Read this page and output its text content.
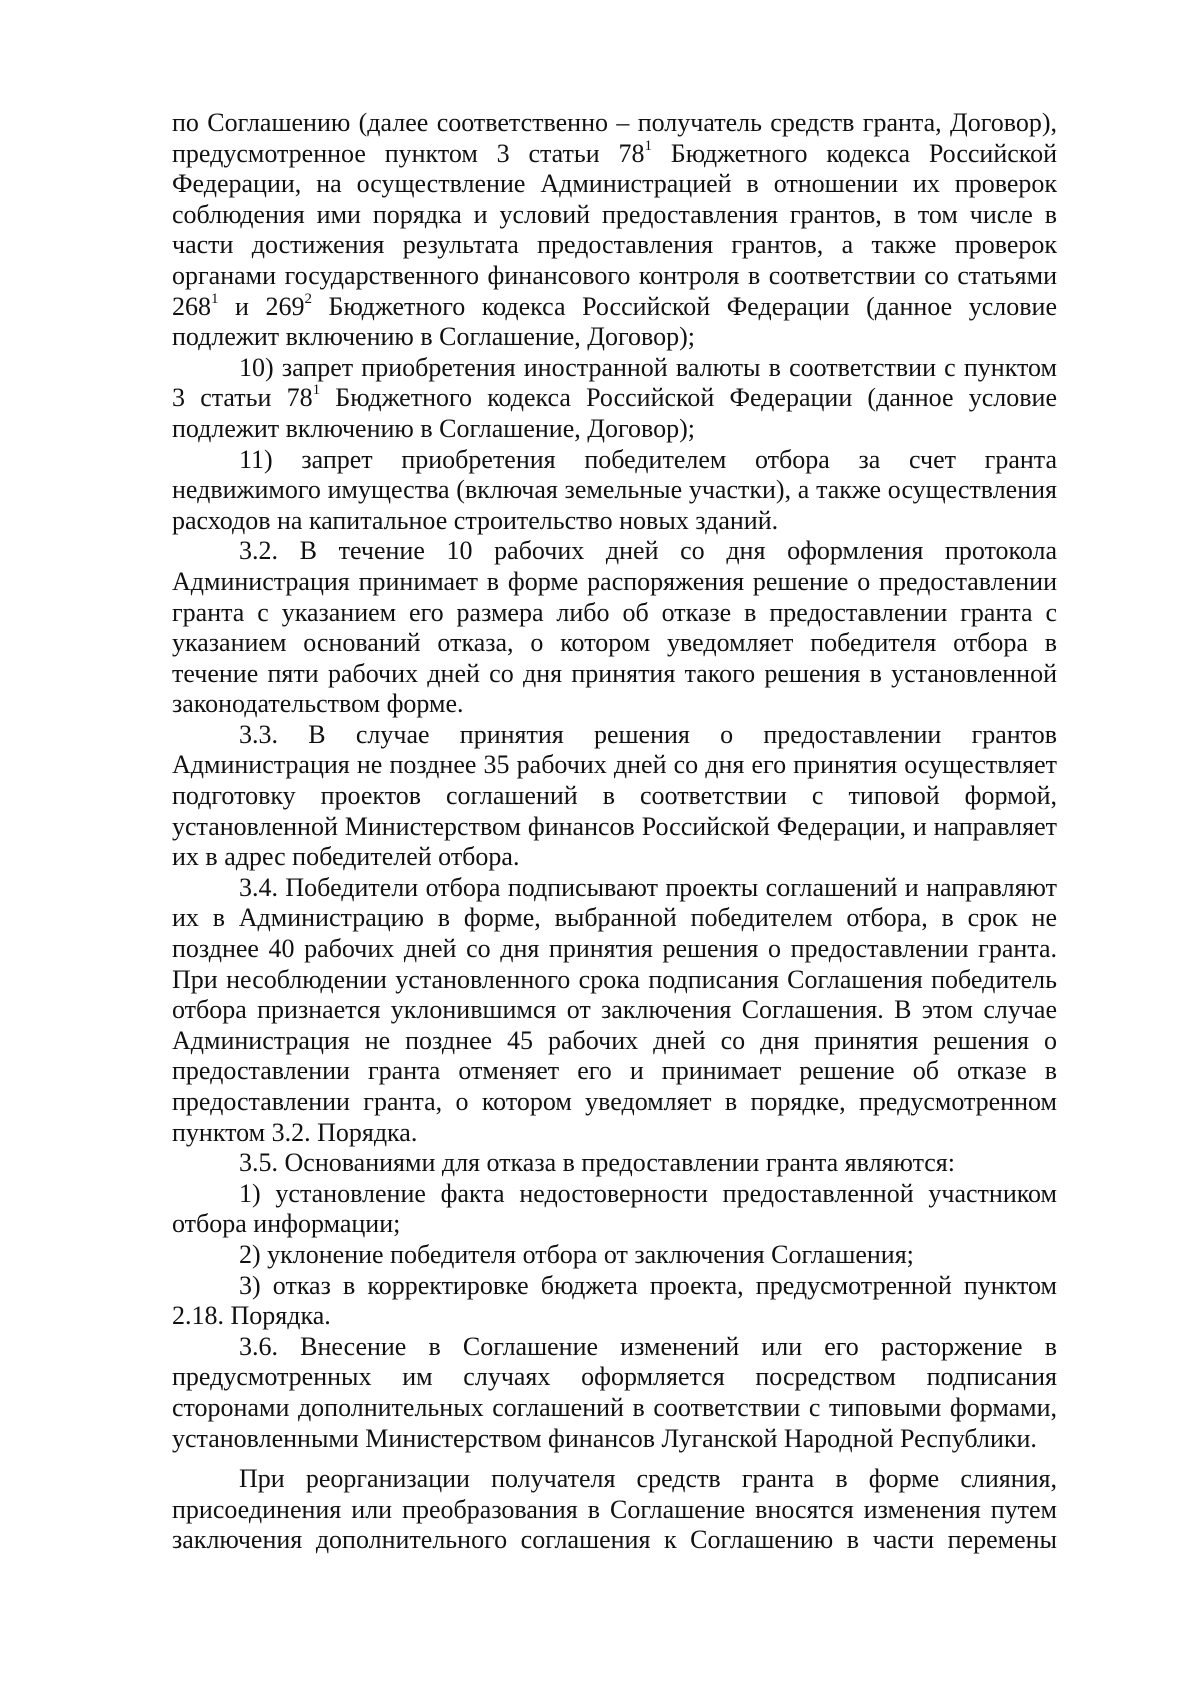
по Соглашению (далее соответственно – получатель средств гранта, Договор), предусмотренное пунктом 3 статьи $78^1$ Бюджетного кодекса Российской Федерации, на осуществление Администрацией в отношении их проверок соблюдения ими порядка и условий предоставления грантов, в том числе в части достижения результата предоставления грантов, а также проверок органами государственного финансового контроля в соответствии со статьями $268^1$ и $269^2$ Бюджетного кодекса Российской Федерации (данное условие подлежит включению в Соглашение, Договор);

10) запрет приобретения иностранной валюты в соответствии с пунктом 3 статьи $78^1$ Бюджетного кодекса Российской Федерации (данное условие подлежит включению в Соглашение, Договор);

11) запрет приобретения победителем отбора за счет гранта недвижимого имущества (включая земельные участки), а также осуществления расходов на капитальное строительство новых зданий.

3.2. В течение 10 рабочих дней со дня оформления протокола Администрация принимает в форме распоряжения решение о предоставлении гранта с указанием его размера либо об отказе в предоставлении гранта с указанием оснований отказа, о котором уведомляет победителя отбора в течение пяти рабочих дней со дня принятия такого решения в установленной законодательством форме.

3.3. В случае принятия решения о предоставлении грантов Администрация не позднее 35 рабочих дней со дня его принятия осуществляет подготовку проектов соглашений в соответствии с типовой формой, установленной Министерством финансов Российской Федерации, и направляет их в адрес победителей отбора.

3.4. Победители отбора подписывают проекты соглашений и направляют их в Администрацию в форме, выбранной победителем отбора, в срок не позднее 40 рабочих дней со дня принятия решения о предоставлении гранта. При несоблюдении установленного срока подписания Соглашения победитель отбора признается уклонившимся от заключения Соглашения. В этом случае Администрация не позднее 45 рабочих дней со дня принятия решения о предоставлении гранта отменяет его и принимает решение об отказе в предоставлении гранта, о котором уведомляет в порядке, предусмотренном пунктом 3.2. Порядка.

3.5. Основаниями для отказа в предоставлении гранта являются:

1) установление факта недостоверности предоставленной участником отбора информации;

2) уклонение победителя отбора от заключения Соглашения;

3) отказ в корректировке бюджета проекта, предусмотренной пунктом 2.18. Порядка.

3.6. Внесение в Соглашение изменений или его расторжение в предусмотренных им случаях оформляется посредством подписания сторонами дополнительных соглашений в соответствии с типовыми формами, установленными Министерством финансов Луганской Народной Республики.

При реорганизации получателя средств гранта в форме слияния, присоединения или преобразования в Соглашение вносятся изменения путем заключения дополнительного соглашения к Соглашению в части перемены
